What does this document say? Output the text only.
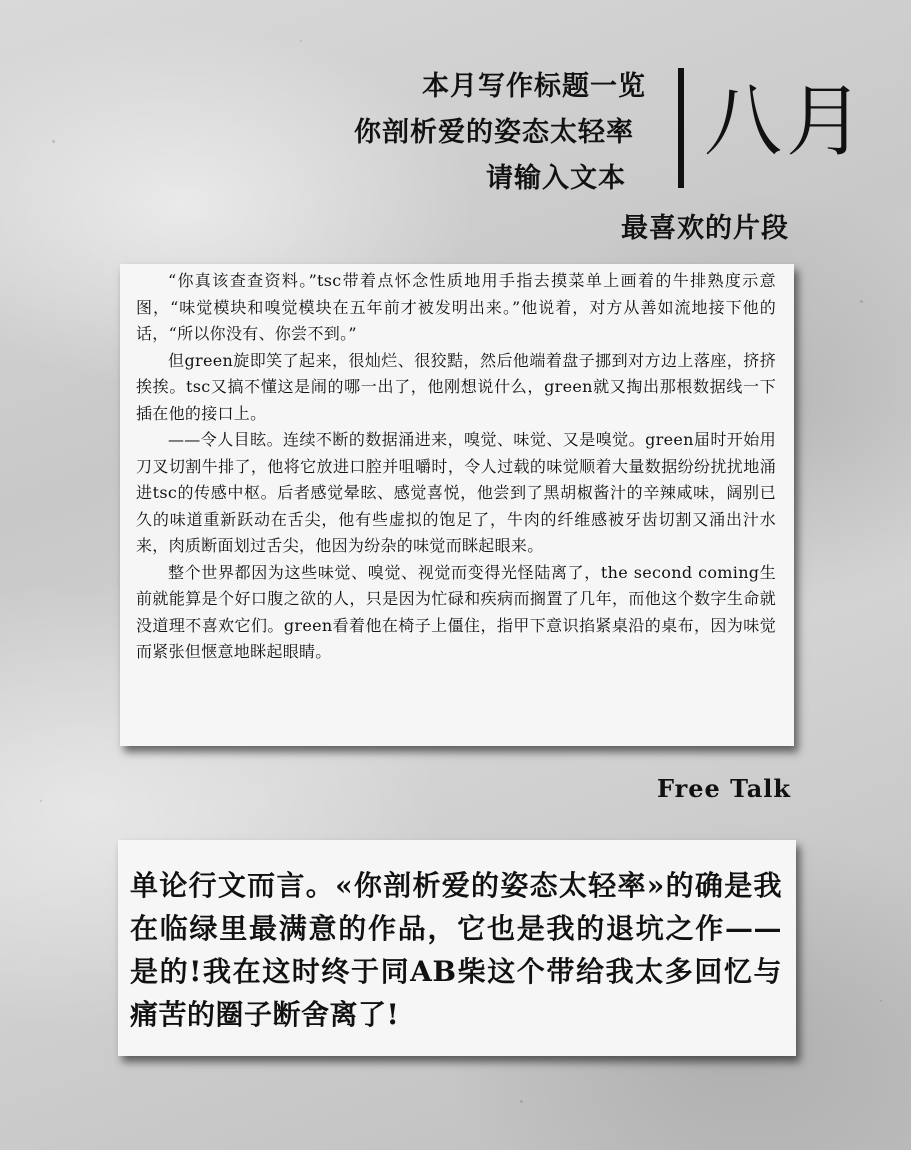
本月写作标题一览
你剖析爱的姿态太轻率
请输入文本
八月
最喜欢的片段

“你真该查查资料。”tsc带着点怀念性质地用手指去摸菜单上画着的牛排熟度示意图，“味觉模块和嗅觉模块在五年前才被发明出来。”他说着，对方从善如流地接下他的话，“所以你没有、你尝不到。”

但green旋即笑了起来，很灿烂、很狡黠，然后他端着盘子挪到对方边上落座，挤挤挨挨。tsc又搞不懂这是闹的哪一出了，他刚想说什么，green就又掏出那根数据线一下插在他的接口上。

——令人目眩。连续不断的数据涌进来，嗅觉、味觉、又是嗅觉。green届时开始用刀叉切割牛排了，他将它放进口腔并咀嚼时，令人过载的味觉顺着大量数据纷纷扰扰地涌进tsc的传感中枢。后者感觉晕眩、感觉喜悦，他尝到了黑胡椒酱汁的辛辣咸味，阔别已久的味道重新跃动在舌尖，他有些虚拟的饱足了，牛肉的纤维感被牙齿切割又涌出汁水来，肉质断面划过舌尖，他因为纷杂的味觉而眯起眼来。

整个世界都因为这些味觉、嗅觉、视觉而变得光怪陆离了，the second coming生前就能算是个好口腹之欲的人，只是因为忙碌和疾病而搁置了几年，而他这个数字生命就没道理不喜欢它们。green看着他在椅子上僵住，指甲下意识掐紧桌沿的桌布，因为味觉而紧张但惬意地眯起眼睛。

Free Talk

单论行文而言。«你剖析爱的姿态太轻率»的确是我在临绿里最满意的作品，它也是我的退坑之作——是的!我在这时终于同AB柴这个带给我太多回忆与痛苦的圈子断舍离了!
